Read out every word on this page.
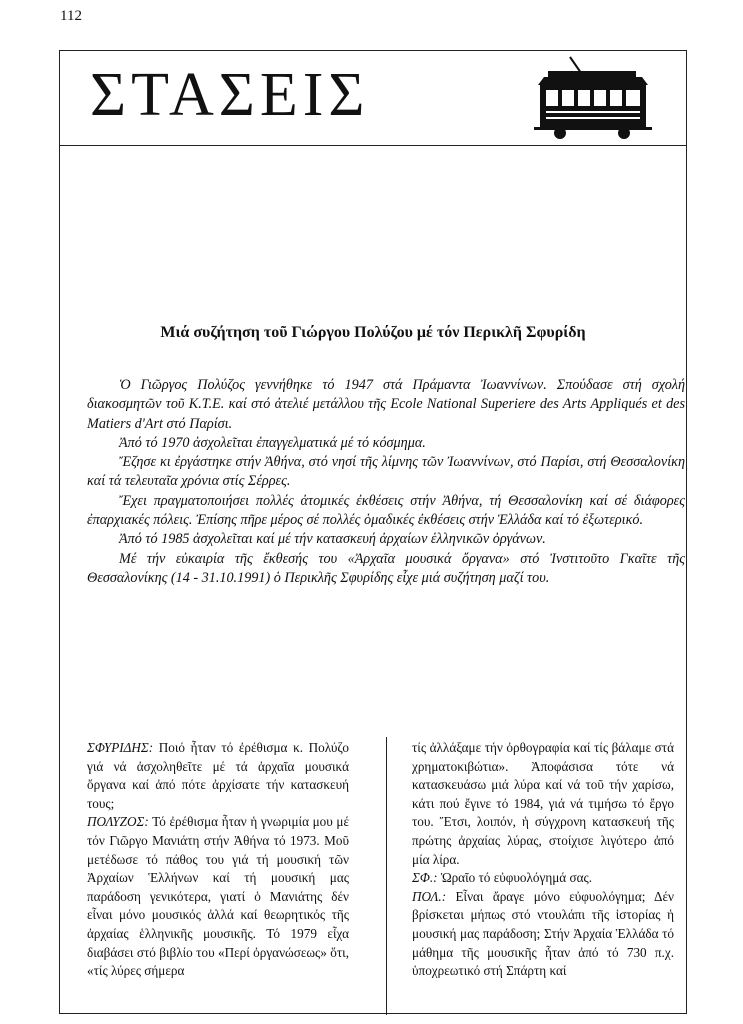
112
ΣΤΑΣΕΙΣ
Μιά συζήτηση τοῦ Γιώργου Πολύζου μέ τόν Περικλῆ Σφυρίδη

Ὁ Γιῶργος Πολύζος γεννήθηκε τό 1947 στά Πράμαντα Ἰωαννίνων. Σπούδασε στή σχολή διακοσμητῶν τοῦ Κ.Τ.Ε. καί στό ἀτελιέ μετάλλου τῆς Ecole National Superiere des Arts Appliqués et des Matiers d'Art στό Παρίσι.

Ἀπό τό 1970 ἀσχολεῖται ἐπαγγελματικά μέ τό κόσμημα.

Ἔζησε κι ἐργάστηκε στήν Ἀθήνα, στό νησί τῆς λίμνης τῶν Ἰωαννίνων, στό Παρίσι, στή Θεσσαλονίκη καί τά τελευταῖα χρόνια στίς Σέρρες.

Ἔχει πραγματοποιήσει πολλές ἀτομικές ἐκθέσεις στήν Ἀθήνα, τή Θεσσαλονίκη καί σέ διάφορες ἐπαρχιακές πόλεις. Ἐπίσης πῆρε μέρος σέ πολλές ὁμαδικές ἐκθέσεις στήν Ἑλλάδα καί τό ἐξωτερικό.

Ἀπό τό 1985 ἀσχολεῖται καί μέ τήν κατασκευή ἀρχαίων ἑλληνικῶν ὀργάνων.

Μέ τήν εὐκαιρία τῆς ἔκθεσής του «Ἀρχαῖα μουσικά ὄργανα» στό Ἰνστιτοῦτο Γκαῖτε τῆς Θεσσαλονίκης (14 - 31.10.1991) ὁ Περικλῆς Σφυρίδης εἶχε μιά συζήτηση μαζί του.

ΣΦΥΡΙΔΗΣ: Ποιό ἦταν τό ἐρέθισμα κ. Πολύζο γιά νά ἀσχοληθεῖτε μέ τά ἀρχαῖα μουσικά ὄργανα καί ἀπό πότε ἀρχίσατε τήν κατασκευή τους;

ΠΟΛΥΖΟΣ: Τό ἐρέθισμα ἦταν ἡ γνωριμία μου μέ τόν Γιῶργο Μανιάτη στήν Ἀθήνα τό 1973. Μοῦ μετέδωσε τό πάθος του γιά τή μουσική τῶν Ἀρχαίων Ἑλλήνων καί τή μουσική μας παράδοση γενικότερα, γιατί ὁ Μανιάτης δέν εἶναι μόνο μουσικός ἀλλά καί θεωρητικός τῆς ἀρχαίας ἑλληνικῆς μουσικῆς. Τό 1979 εἶχα διαβάσει στό βιβλίο του «Περί ὀργανώσεως» ὅτι, «τίς λύρες σήμερα

τίς ἀλλάξαμε τήν ὀρθογραφία καί τίς βάλαμε στά χρηματοκιβώτια». Ἀποφάσισα τότε νά κατασκευάσω μιά λύρα καί νά τοῦ τήν χαρίσω, κάτι πού ἔγινε τό 1984, γιά νά τιμήσω τό ἔργο του. Ἔτσι, λοιπόν, ἡ σύγχρονη κατασκευή τῆς πρώτης ἀρχαίας λύρας, στοίχισε λιγότερο ἀπό μία λίρα.

ΣΦ.: Ὡραῖο τό εὐφυολόγημά σας.

ΠΟΛ.: Εἶναι ἄραγε μόνο εὐφυολόγημα; Δέν βρίσκεται μήπως στό ντουλάπι τῆς ἱστορίας ἡ μουσική μας παράδοση; Στήν Ἀρχαία Ἑλλάδα τό μάθημα τῆς μουσικῆς ἦταν ἀπό τό 730 π.χ. ὑποχρεωτικό στή Σπάρτη καί
